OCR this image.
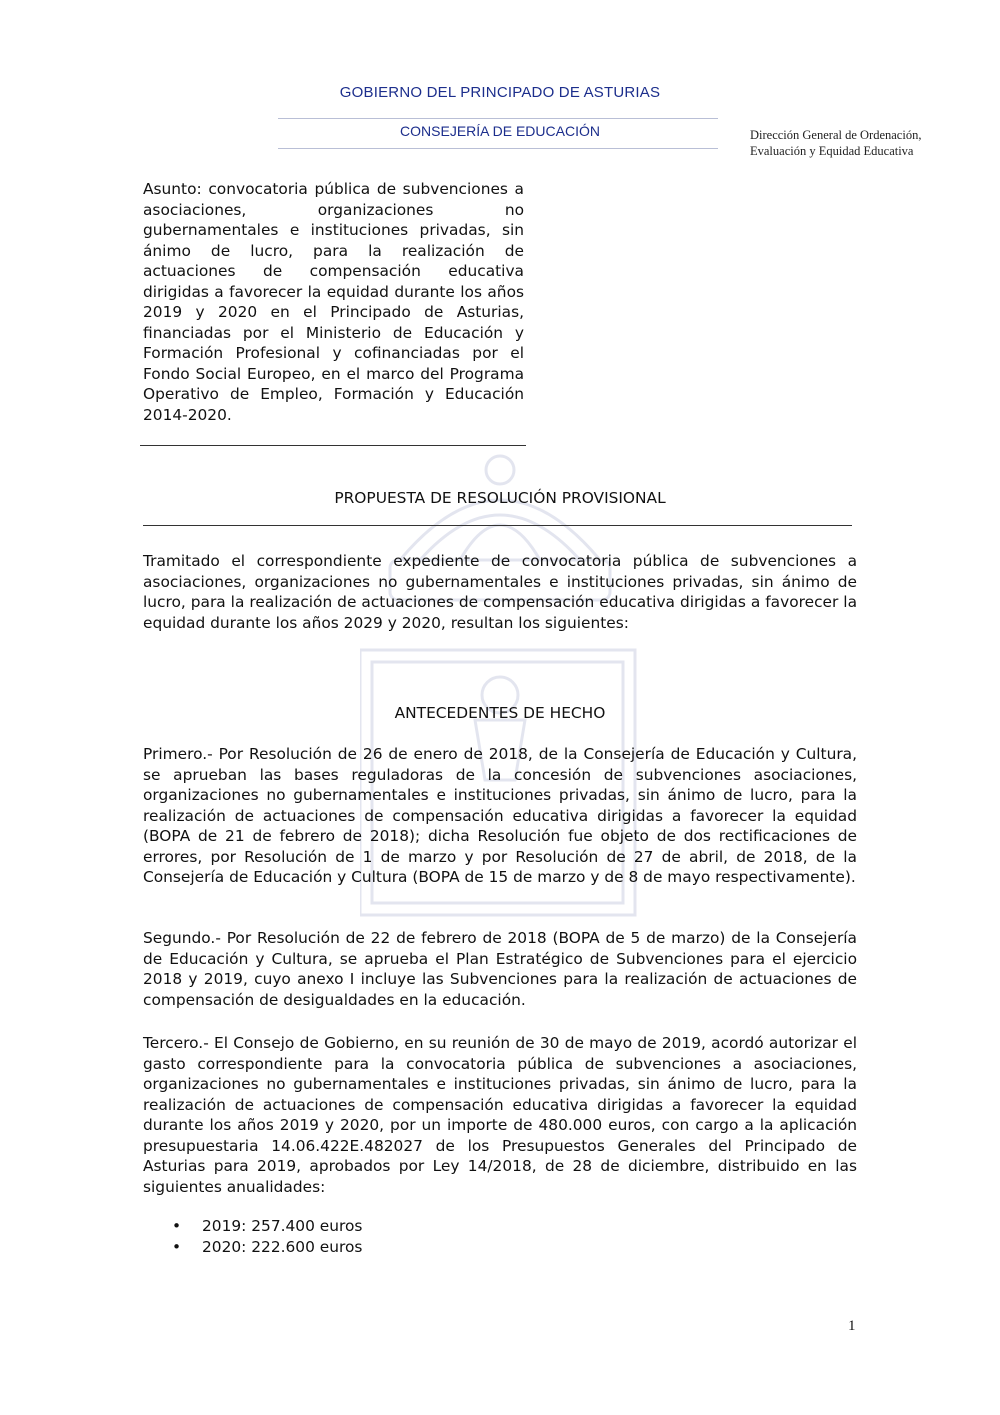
GOBIERNO DEL PRINCIPADO DE ASTURIAS
CONSEJERÍA DE EDUCACIÓN	Dirección General de Ordenación,
Evaluación y Equidad Educativa
Asunto: convocatoria pública de subvenciones a asociaciones, organizaciones no gubernamentales e instituciones privadas, sin ánimo de lucro, para la realización de actuaciones de compensación educativa dirigidas a favorecer la equidad durante los años 2019 y 2020 en el Principado de Asturias, financiadas por el Ministerio de Educación y Formación Profesional y cofinanciadas por el Fondo Social Europeo, en el marco del Programa Operativo de Empleo, Formación y Educación 2014-2020.
PROPUESTA DE RESOLUCIÓN PROVISIONAL

Tramitado el correspondiente expediente de convocatoria pública de subvenciones a asociaciones, organizaciones no gubernamentales e instituciones privadas, sin ánimo de lucro, para la realización de actuaciones de compensación educativa dirigidas a favorecer la equidad durante los años 2029 y 2020, resultan los siguientes:

ANTECEDENTES DE HECHO

Primero.- Por Resolución de 26 de enero de 2018, de la Consejería de Educación y Cultura, se aprueban las bases reguladoras de la concesión de subvenciones asociaciones, organizaciones no gubernamentales e instituciones privadas, sin ánimo de lucro, para la realización de actuaciones de compensación educativa dirigidas a favorecer la equidad (BOPA de 21 de febrero de 2018); dicha Resolución fue objeto de dos rectificaciones de errores, por Resolución de 1 de marzo y por Resolución de 27 de abril, de 2018, de la Consejería de Educación y Cultura (BOPA de 15 de marzo y de 8 de mayo respectivamente).

Segundo.- Por Resolución de 22 de febrero de 2018 (BOPA de 5 de marzo) de la Consejería de Educación y Cultura, se aprueba el Plan Estratégico de Subvenciones para el ejercicio 2018 y 2019, cuyo anexo I incluye las Subvenciones para la realización de actuaciones de compensación de desigualdades en la educación.

Tercero.- El Consejo de Gobierno, en su reunión de 30 de mayo de 2019, acordó autorizar el gasto correspondiente para la convocatoria pública de subvenciones a asociaciones, organizaciones no gubernamentales e instituciones privadas, sin ánimo de lucro, para la realización de actuaciones de compensación educativa dirigidas a favorecer la equidad durante los años 2019 y 2020, por un importe de 480.000 euros, con cargo a la aplicación presupuestaria 14.06.422E.482027 de los Presupuestos Generales del Principado de Asturias para 2019, aprobados por Ley 14/2018, de 28 de diciembre, distribuido en las siguientes anualidades:

• 2019: 257.400 euros
• 2020: 222.600 euros
1
